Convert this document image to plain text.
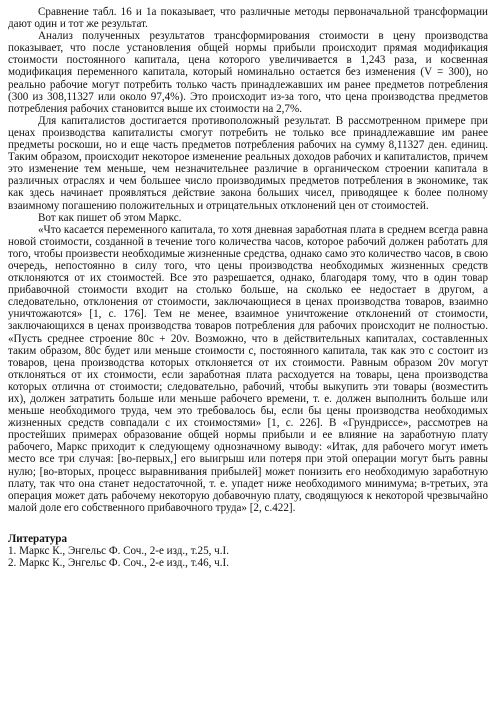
Сравнение табл. 16 и 1а показывает, что различные методы первоначальной трансформации дают один и тот же результат.

Анализ полученных результатов трансформирования стоимости в цену производства показывает, что после установления общей нормы прибыли происходит прямая модификация стоимости постоянного капитала, цена которого увеличивается в 1,243 раза, и косвенная модификация переменного капитала, который номинально остается без изменения (V = 300), но реально рабочие могут потребить только часть принадлежавших им ранее предметов потребления (300 из 308,11327 или около 97,4%). Это происходит из-за того, что цена производства предметов потребления рабочих становится выше их стоимости на 2,7%.

Для капиталистов достигается противоположный результат. В рассмотренном примере при ценах производства капиталисты смогут потребить не только все принадлежавшие им ранее предметы роскоши, но и еще часть предметов потребления рабочих на сумму 8,11327 ден. единиц. Таким образом, происходит некоторое изменение реальных доходов рабочих и капиталистов, причем это изменение тем меньше, чем незначительнее различие в органическом строении капитала в различных отраслях и чем большее число производимых предметов потребления в экономике, так как здесь начинает проявляться действие закона больших чисел, приводящее к более полному взаимному погашению положительных и отрицательных отклонений цен от стоимостей.

Вот как пишет об этом Маркс.

«Что касается переменного капитала, то хотя дневная заработная плата в среднем всегда равна новой стоимости, созданной в течение того количества часов, которое рабочий должен работать для того, чтобы произвести необходимые жизненные средства, однако само это количество часов, в свою очередь, непостоянно в силу того, что цены производства необходимых жизненных средств отклоняются от их стоимостей. Все это разрешается, однако, благодаря тому, что в один товар прибавочной стоимости входит на столько больше, на сколько ее недостает в другом, а следовательно, отклонения от стоимости, заключающиеся в ценах производства товаров, взаимно уничтожаются» [1, с. 176]. Тем не менее, взаимное уничтожение отклонений от стоимости, заключающихся в ценах производства товаров потребления для рабочих происходит не полностью. «Пусть среднее строение 80c + 20v. Возможно, что в действительных капиталах, составленных таким образом, 80c будет или меньше стоимости c, постоянного капитала, так как это c состоит из товаров, цена производства которых отклоняется от их стоимости. Равным образом 20v могут отклоняться от их стоимости, если заработная плата расходуется на товары, цена производства которых отлична от стоимости; следовательно, рабочий, чтобы выкупить эти товары (возместить их), должен затратить больше или меньше рабочего времени, т. е. должен выполнить больше или меньше необходимого труда, чем это требовалось бы, если бы цены производства необходимых жизненных средств совпадали с их стоимостями» [1, с. 226]. В «Грундриссе», рассмотрев на простейших примерах образование общей нормы прибыли и ее влияние на заработную плату рабочего, Маркс приходит к следующему однозначному выводу: «Итак, для рабочего могут иметь место все три случая: [во-первых,] его выигрыш или потеря при этой операции могут быть равны нулю; [во-вторых, процесс выравнивания прибылей] может понизить его необходимую заработную плату, так что она станет недостаточной, т. е. упадет ниже необходимого минимума; в-третьих, эта операция может дать рабочему некоторую добавочную плату, сводящуюся к некоторой чрезвычайно малой доле его собственного прибавочного труда» [2, с.422].

Литература

1. Маркс К., Энгельс Ф. Соч., 2-е изд., т.25, ч.I.

2. Маркс К., Энгельс Ф. Соч., 2-е изд., т.46, ч.I.
